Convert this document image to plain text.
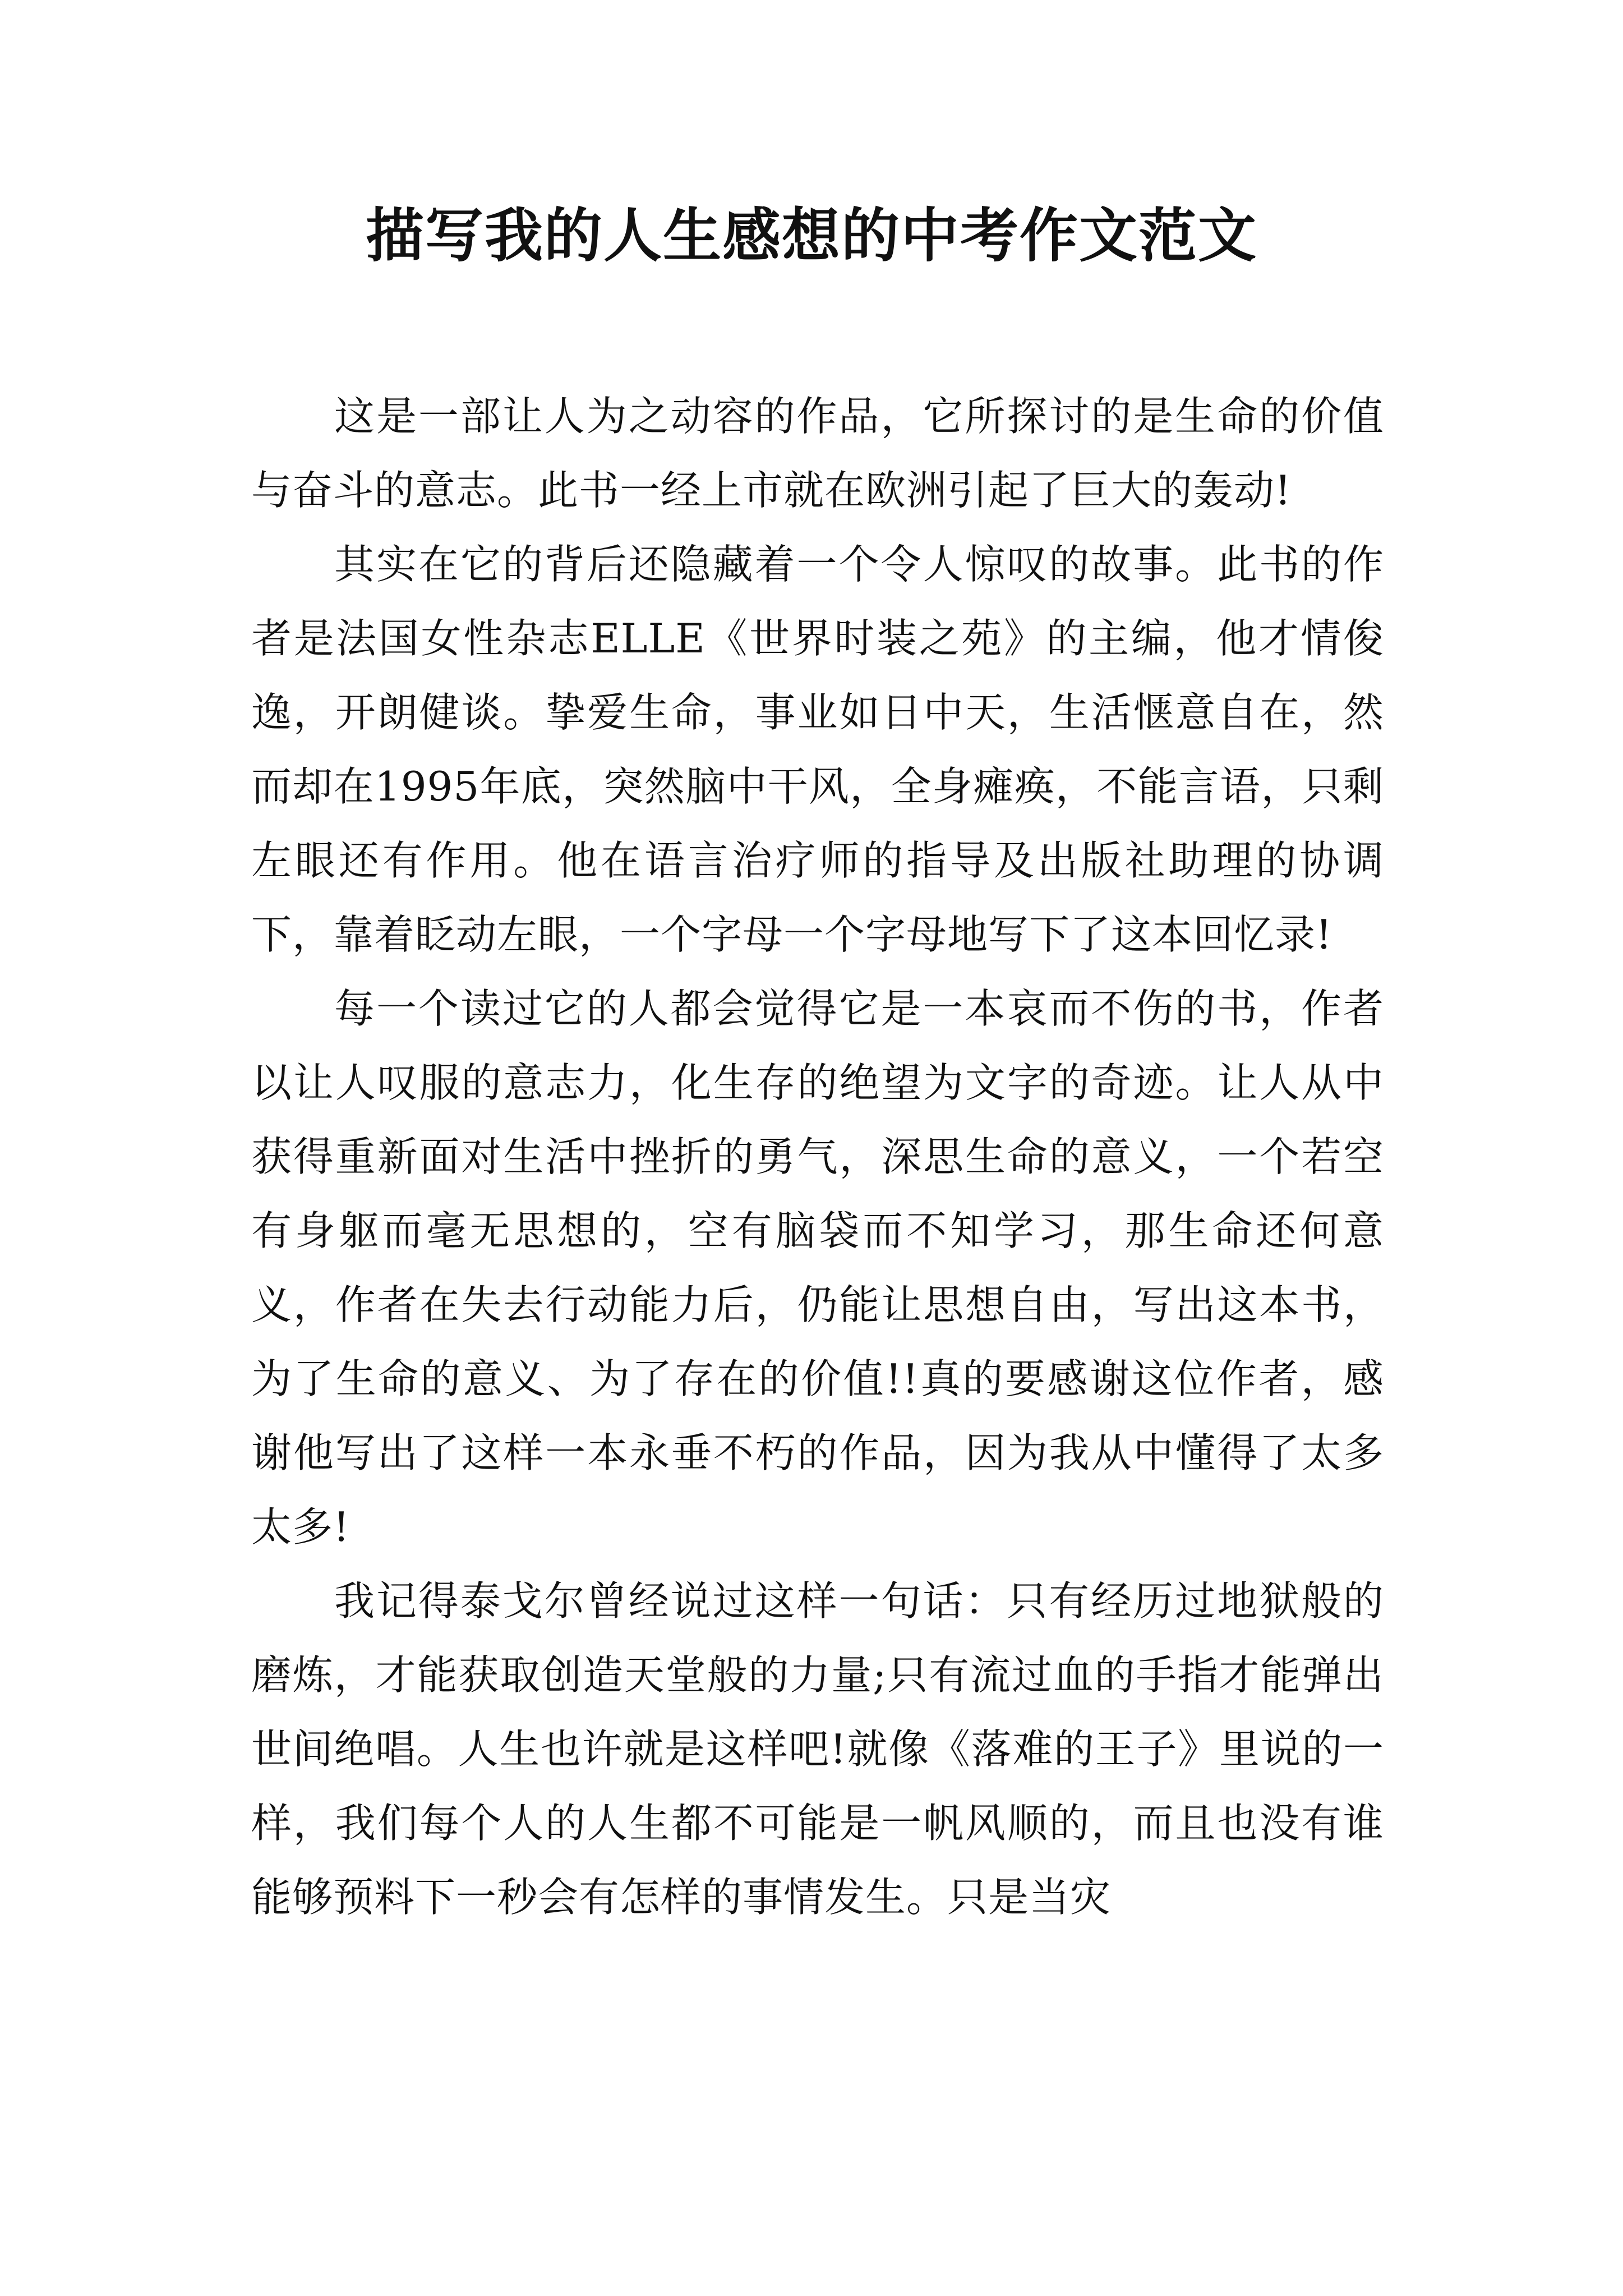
描写我的人生感想的中考作文范文

这是一部让人为之动容的作品，它所探讨的是生命的价值与奋斗的意志。此书一经上市就在欧洲引起了巨大的轰动!

其实在它的背后还隐藏着一个令人惊叹的故事。此书的作者是法国女性杂志ELLE《世界时装之苑》的主编，他才情俊逸，开朗健谈。挚爱生命，事业如日中天，生活惬意自在，然而却在1995年底，突然脑中干风，全身瘫痪，不能言语，只剩左眼还有作用。他在语言治疗师的指导及出版社助理的协调下，靠着眨动左眼，一个字母一个字母地写下了这本回忆录!

每一个读过它的人都会觉得它是一本哀而不伤的书，作者以让人叹服的意志力，化生存的绝望为文字的奇迹。让人从中获得重新面对生活中挫折的勇气，深思生命的意义，一个若空有身躯而毫无思想的，空有脑袋而不知学习，那生命还何意义，作者在失去行动能力后，仍能让思想自由，写出这本书，为了生命的意义、为了存在的价值!!真的要感谢这位作者，感谢他写出了这样一本永垂不朽的作品，因为我从中懂得了太多太多!

我记得泰戈尔曾经说过这样一句话：只有经历过地狱般的磨炼，才能获取创造天堂般的力量;只有流过血的手指才能弹出世间绝唱。人生也许就是这样吧!就像《落难的王子》里说的一样，我们每个人的人生都不可能是一帆风顺的，而且也没有谁能够预料下一秒会有怎样的事情发生。只是当灾
